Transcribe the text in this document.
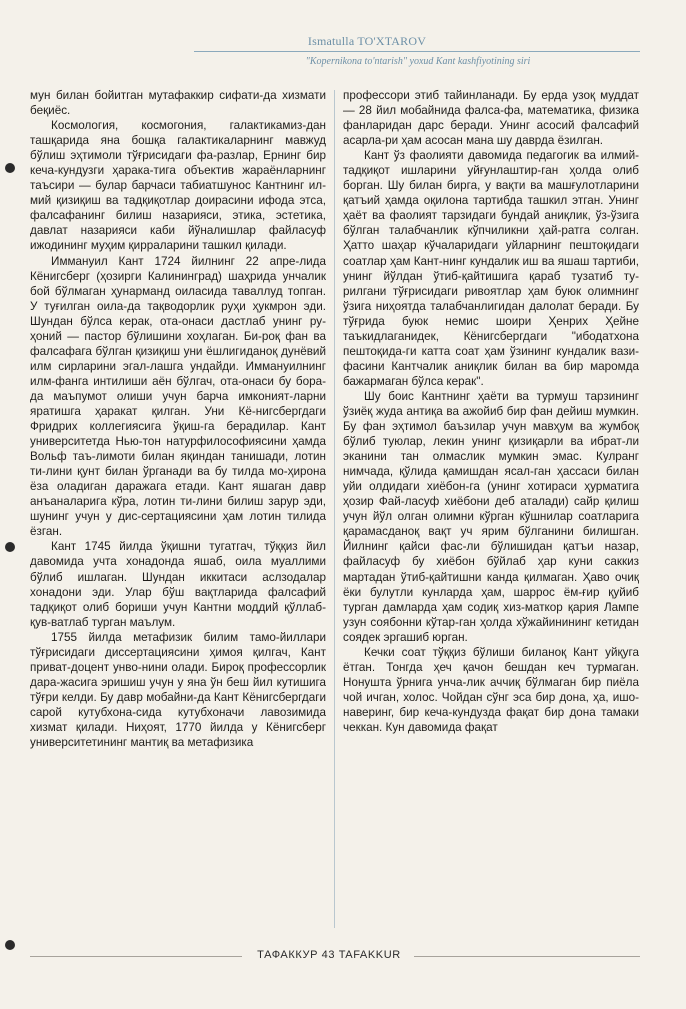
Ismatulla TO'XTAROV
"Kopernikona to'ntarish" yoxud Kant kashfiyotining siri

мун билан бойитган мутафаккир сифати-да хизмати беқиёс.

Космология, космогония, галактикамиз-дан ташқарида яна бошқа галактикаларнинг мавжуд бўлиш эҳтимоли тўғрисидаги фа-разлар, Ернинг бир кеча-кундузги ҳарака-тига объектив жараёнларнинг таъсири — булар барчаси табиатшунос Кантнинг ил-мий қизиқиш ва тадқиқотлар доирасини ифода этса, фалсафанинг билиш назарияси, этика, эстетика, давлат назарияси каби йўналишлар файласуф ижодининг муҳим қирраларини ташкил қилади.

Иммануил Кант 1724 йилнинг 22 апре-лида Кёнигсберг (ҳозирги Калининград) шаҳрида унчалик бой бўлмаган ҳунарманд оиласида таваллуд топган. У туғилган оила-да тақводорлик руҳи ҳукмрон эди. Шундан бўлса керак, ота-онаси дастлаб унинг ру-ҳоний — пастор бўлишини хоҳлаган. Би-роқ фан ва фалсафага бўлган қизиқиш уни ёшлигиданоқ дунёвий илм сирларини эгал-лашга ундайди. Иммануилнинг илм-фанга интилиши аён бўлгач, ота-онаси бу бора-да маъпумот олиши учун барча имконият-ларни яратишга ҳаракат қилган. Уни Кё-нигсбергдаги Фридрих коллегиясига ўқиш-га берадилар. Кант университетда Нью-тон натурфилософиясини ҳамда Вольф таъ-лимоти билан яқиндан танишади, лотин ти-лини қунт билан ўрганади ва бу тилда мо-ҳирона ёза оладиган даражага етади. Кант яшаган давр анъаналарига кўра, лотин ти-лини билиш зарур эди, шунинг учун у дис-сертациясини ҳам лотин тилида ёзган.

Кант 1745 йилда ўқишни тугатгач, тўққиз йил давомида учта хонадонда яшаб, оила муаллими бўлиб ишлаган. Шундан иккитаси аслзодалар хонадони эди. Улар бўш вақтларида фалсафий тадқиқот олиб бориши учун Кантни моддий қўллаб-қув-ватлаб турган маълум.

1755 йилда метафизик билим тамо-йиллари тўғрисидаги диссертациясини ҳимоя қилгач, Кант приват-доцент унво-нини олади. Бироқ профессорлик дара-жасига эришиш учун у яна ўн беш йил кутишига тўғри келди. Бу давр мобайни-да Кант Кёнигсбергдаги сарой кутубхона-сида кутубхоначи лавозимида хизмат қилади. Ниҳоят, 1770 йилда у Кёнигсберг университетининг мантиқ ва метафизика

профессори этиб тайинланади. Бу ерда узоқ муддат — 28 йил мобайнида фалса-фа, математика, физика фанларидан дарс беради. Унинг асосий фалсафий асарла-ри ҳам асосан мана шу даврда ёзилган.

Кант ўз фаолияти давомида педагогик ва илмий-тадқиқот ишларини уйғунлаштир-ган ҳолда олиб борган. Шу билан бирга, у вақти ва машғулотларини қатъий ҳамда оқилона тартибда ташкил этган. Унинг ҳаёт ва фаолият тарзидаги бундай аниқлик, ўз-ўзига бўлган талабчанлик кўпчиликни ҳай-ратга солган. Ҳатто шаҳар кўчаларидаги уйларнинг пештоқидаги соатлар ҳам Кант-нинг кундалик иш ва яшаш тартиби, унинг йўлдан ўтиб-қайтишига қараб тузатиб ту-рилгани тўғрисидаги ривоятлар ҳам буюк олимнинг ўзига ниҳоятда талабчанлигидан далолат беради. Бу тўғрида буюк немис шоири Ҳенрих Ҳейне таъкидлаганидек, Кёнигсбергдаги "ибодатхона пештоқида-ги катта соат ҳам ўзининг кундалик вази-фасини Кантчалик аниқлик билан ва бир маромда бажармаган бўлса керак".

Шу боис Кантнинг ҳаёти ва турмуш тарзининг ўзиёқ жуда антиқа ва ажойиб бир фан дейиш мумкин. Бу фан эҳтимол баъзилар учун мавҳум ва жумбоқ бўлиб туюлар, лекин унинг қизиқарли ва ибрат-ли эканини тан олмаслик мумкин эмас. Кулранг нимчада, қўлида қамишдан ясал-ган ҳассаси билан уйи олдидаги хиёбон-га (унинг хотираси ҳурматига ҳозир Фай-ласуф хиёбони деб аталади) сайр қилиш учун йўл олган олимни кўрган кўшнилар соатларига қарамасданоқ вақт уч ярим бўлганини билишган. Йилнинг қайси фас-ли бўлишидан қатъи назар, файласуф бу хиёбон бўйлаб ҳар куни саккиз мартадан ўтиб-қайтишни канда қилмаган. Ҳаво очиқ ёки булутли кунларда ҳам, шаррос ём-ғир қуйиб турган дамларда ҳам содиқ хиз-маткор қария Лампе узун соябонни кўтар-ган ҳолда хўжайинининг кетидан соядек эргашиб юрган.

Кечки соат тўққиз бўлиши биланоқ Кант уйқуга ётган. Тонгда ҳеч қачон бешдан кеч турмаган. Нонушта ўрнига унча-лик аччиқ бўлмаган бир пиёла чой ичган, холос. Чойдан сўнг эса бир дона, ҳа, ишо-наверинг, бир кеча-кундузда фақат бир дона тамаки чеккан. Кун давомида фақат

ТАФАККУР 43 TAFAKKUR
